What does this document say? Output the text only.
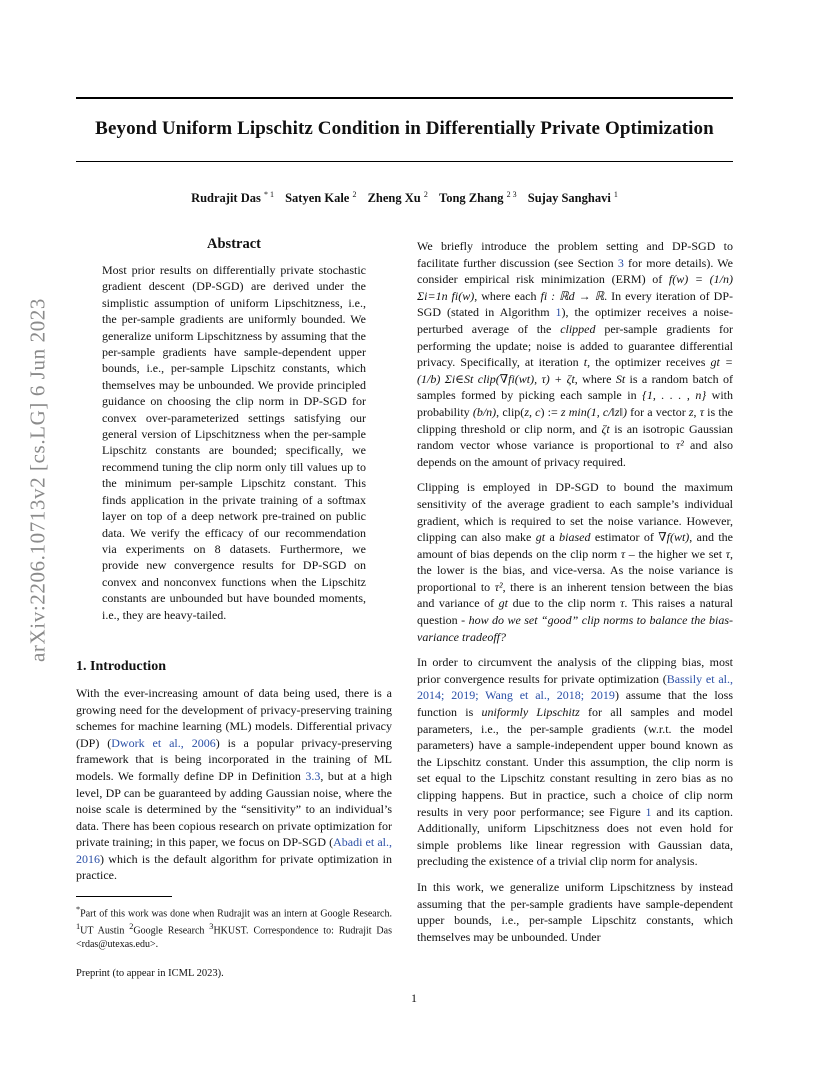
Beyond Uniform Lipschitz Condition in Differentially Private Optimization
Rudrajit Das $^{* 1}$ Satyen Kale $^2$ Zheng Xu $^2$ Tong Zhang $^{2 3}$ Sujay Sanghavi $^1$
arXiv:2206.10713v2 [cs.LG] 6 Jun 2023
Abstract
Most prior results on differentially private stochastic gradient descent (DP-SGD) are derived under the simplistic assumption of uniform Lipschitzness, i.e., the per-sample gradients are uniformly bounded. We generalize uniform Lipschitzness by assuming that the per-sample gradients have sample-dependent upper bounds, i.e., per-sample Lipschitz constants, which themselves may be unbounded. We provide principled guidance on choosing the clip norm in DP-SGD for convex over-parameterized settings satisfying our general version of Lipschitzness when the per-sample Lipschitz constants are bounded; specifically, we recommend tuning the clip norm only till values up to the minimum per-sample Lipschitz constant. This finds application in the private training of a softmax layer on top of a deep network pre-trained on public data. We verify the efficacy of our recommendation via experiments on 8 datasets. Furthermore, we provide new convergence results for DP-SGD on convex and nonconvex functions when the Lipschitz constants are unbounded but have bounded moments, i.e., they are heavy-tailed.
1. Introduction

With the ever-increasing amount of data being used, there is a growing need for the development of privacy-preserving training schemes for machine learning (ML) models. Differential privacy (DP) (Dwork et al., 2006) is a popular privacy-preserving framework that is being incorporated in the training of ML models. We formally define DP in Definition 3.3, but at a high level, DP can be guaranteed by adding Gaussian noise, where the noise scale is determined by the “sensitivity” to an individual’s data. There has been copious research on private optimization for private training; in this paper, we focus on DP-SGD (Abadi et al., 2016) which is the default algorithm for private optimization in practice.

*Part of this work was done when Rudrajit was an intern at Google Research. $^1$UT Austin $^2$Google Research $^3$HKUST. Correspondence to: Rudrajit Das <rdas@utexas.edu>.
Preprint (to appear in ICML 2023).

We briefly introduce the problem setting and DP-SGD to facilitate further discussion (see Section 3 for more details). We consider empirical risk minimization (ERM) of f(w) = (1/n) Σi=1n fi(w), where each fi : ℝd → ℝ. In every iteration of DP-SGD (stated in Algorithm 1), the optimizer receives a noise-perturbed average of the clipped per-sample gradients for performing the update; noise is added to guarantee differential privacy. Specifically, at iteration t, the optimizer receives gt = (1/b) Σi∈St clip(∇fi(wt), τ) + ζt, where St is a random batch of samples formed by picking each sample in {1, . . . , n} with probability (b/n), clip(z, c) := z min(1, c/‖z‖) for a vector z, τ is the clipping threshold or clip norm, and ζt is an isotropic Gaussian random vector whose variance is proportional to τ² and also depends on the amount of privacy required.

Clipping is employed in DP-SGD to bound the maximum sensitivity of the average gradient to each sample’s individual gradient, which is required to set the noise variance. However, clipping can also make gt a biased estimator of ∇f(wt), and the amount of bias depends on the clip norm τ – the higher we set τ, the lower is the bias, and vice-versa. As the noise variance is proportional to τ², there is an inherent tension between the bias and variance of gt due to the clip norm τ. This raises a natural question - how do we set “good” clip norms to balance the bias-variance tradeoff?

In order to circumvent the analysis of the clipping bias, most prior convergence results for private optimization (Bassily et al., 2014; 2019; Wang et al., 2018; 2019) assume that the loss function is uniformly Lipschitz for all samples and model parameters, i.e., the per-sample gradients (w.r.t. the model parameters) have a sample-independent upper bound known as the Lipschitz constant. Under this assumption, the clip norm is set equal to the Lipschitz constant resulting in zero bias as no clipping happens. But in practice, such a choice of clip norm results in very poor performance; see Figure 1 and its caption. Additionally, uniform Lipschitzness does not even hold for simple problems like linear regression with Gaussian data, precluding the existence of a trivial clip norm for analysis.

In this work, we generalize uniform Lipschitzness by instead assuming that the per-sample gradients have sample-dependent upper bounds, i.e., per-sample Lipschitz constants, which themselves may be unbounded. Under

1
